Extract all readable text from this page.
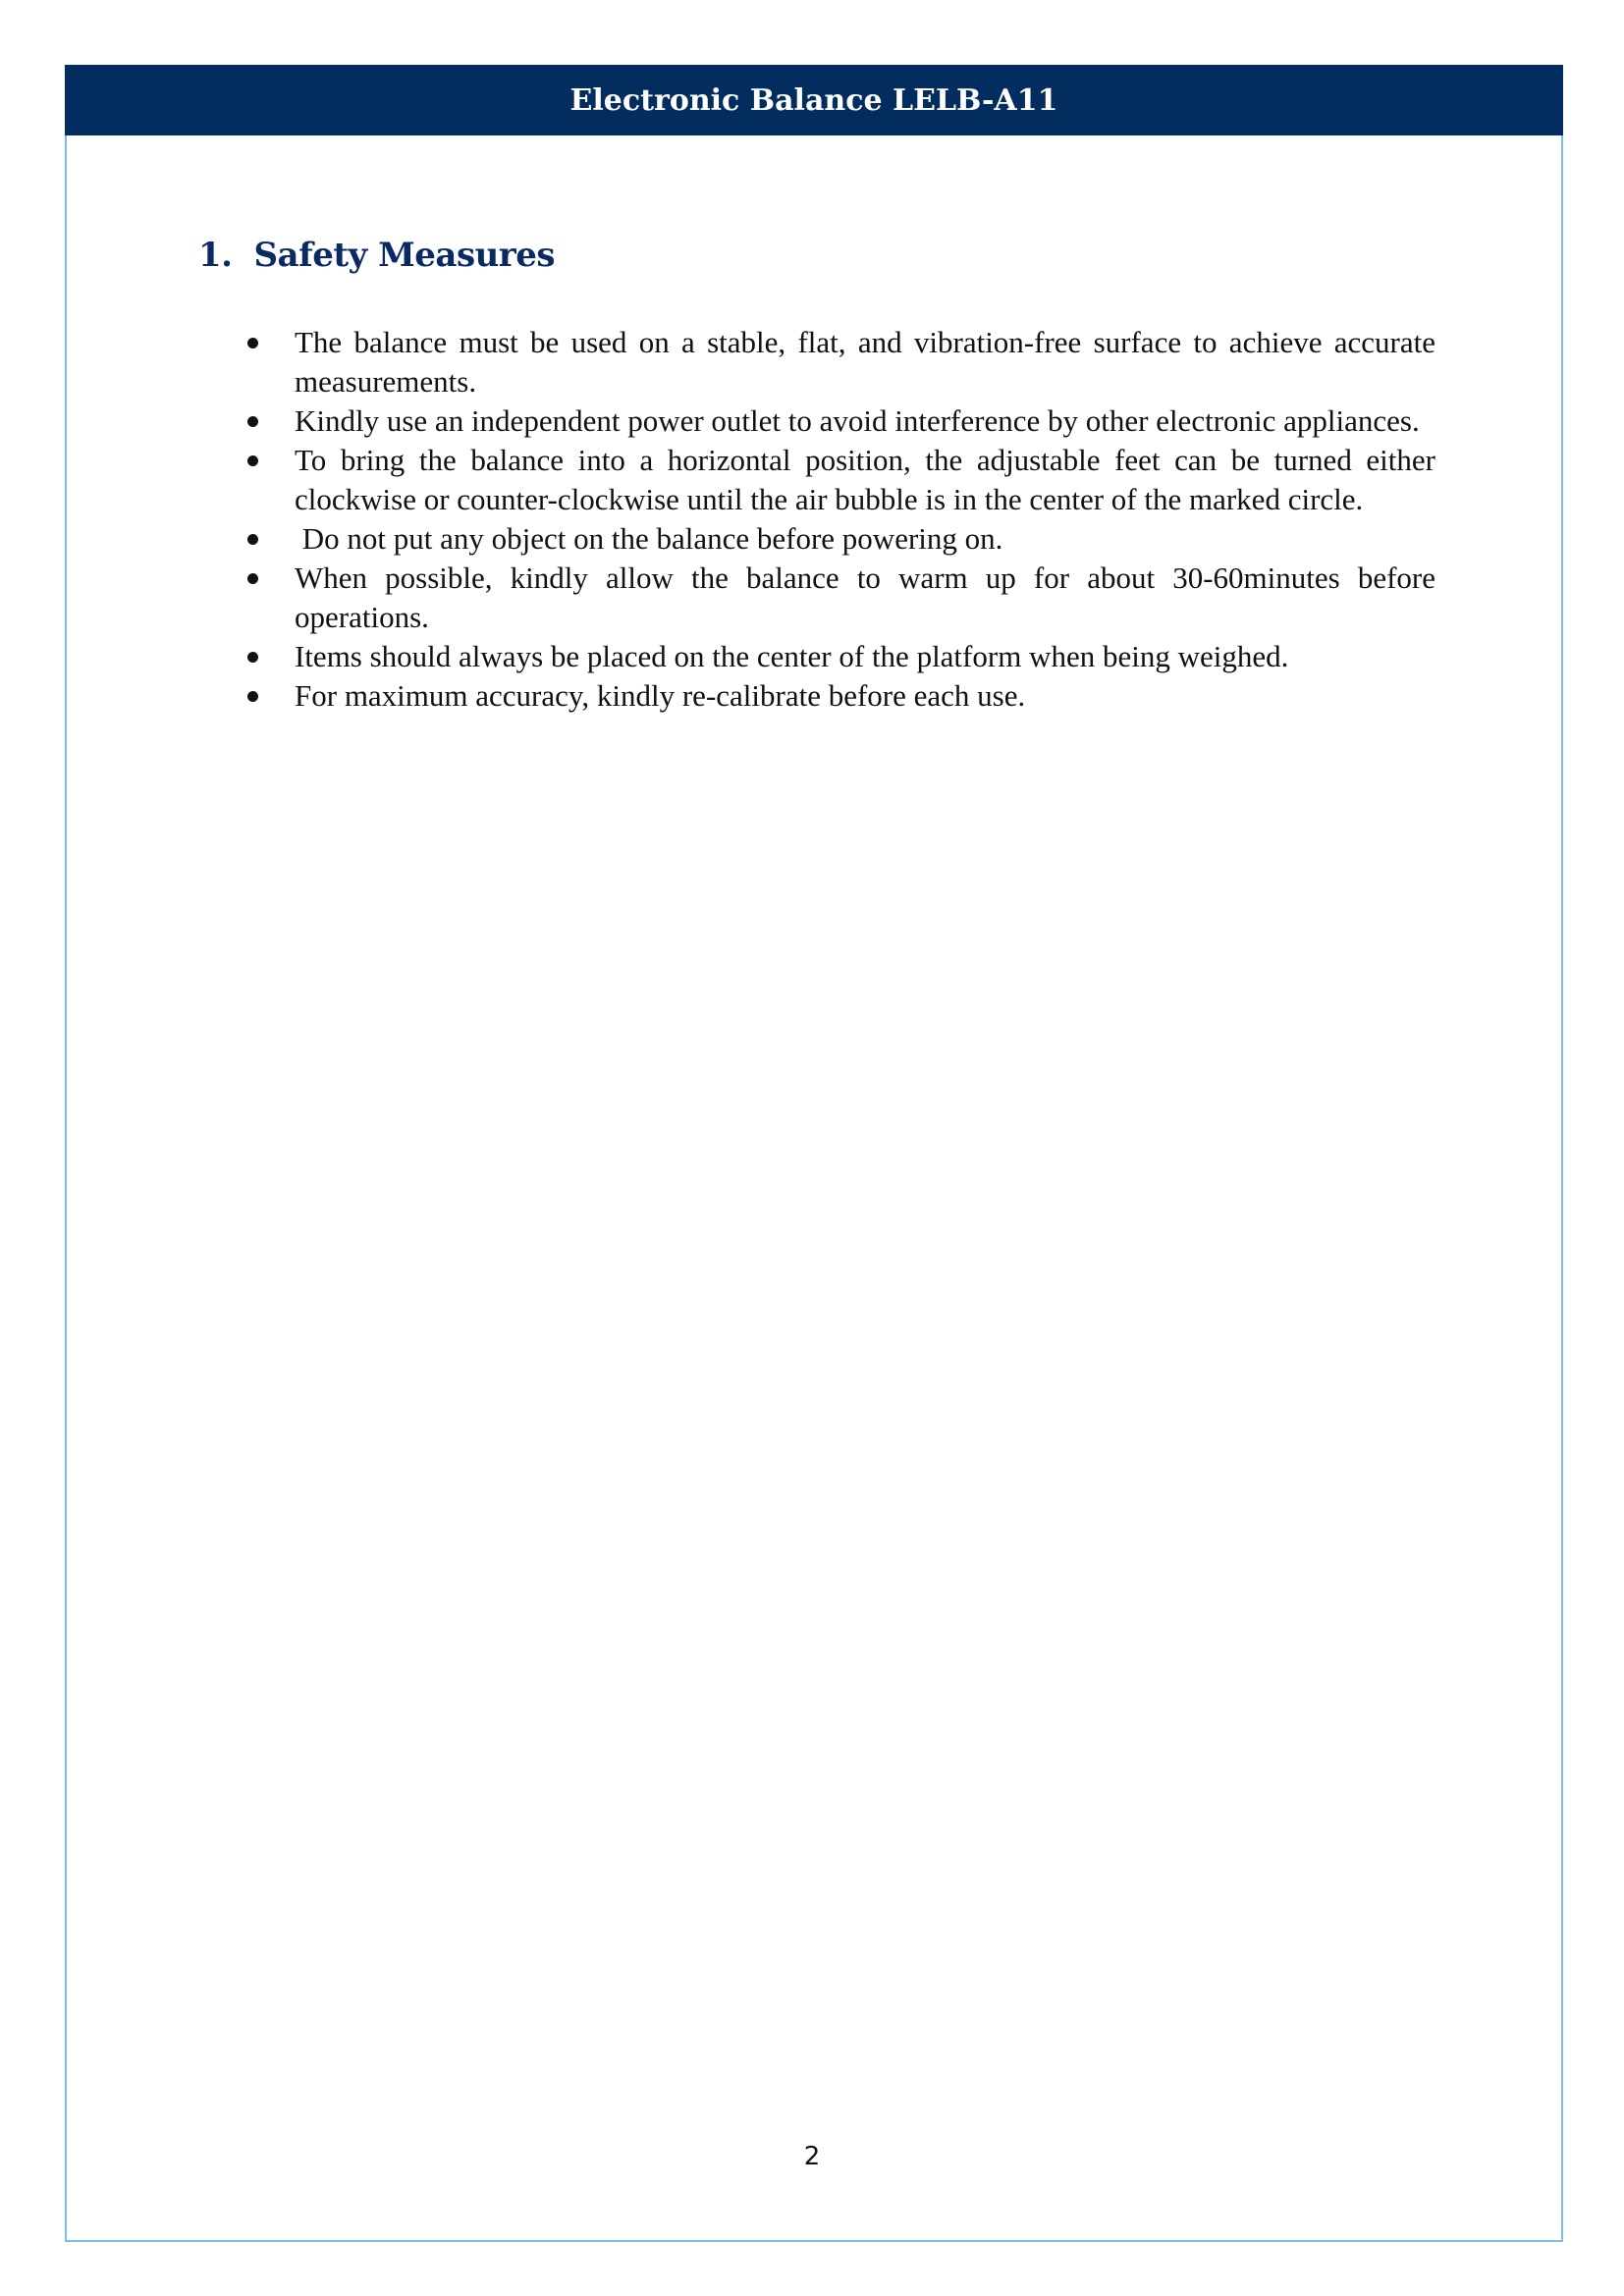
Electronic Balance LELB-A11
1. Safety Measures
The balance must be used on a stable, flat, and vibration-free surface to achieve accurate measurements.
Kindly use an independent power outlet to avoid interference by other electronic appliances.
To bring the balance into a horizontal position, the adjustable feet can be turned either clockwise or counter-clockwise until the air bubble is in the center of the marked circle.
Do not put any object on the balance before powering on.
When possible, kindly allow the balance to warm up for about 30-60minutes before operations.
Items should always be placed on the center of the platform when being weighed.
For maximum accuracy, kindly re-calibrate before each use.
2
